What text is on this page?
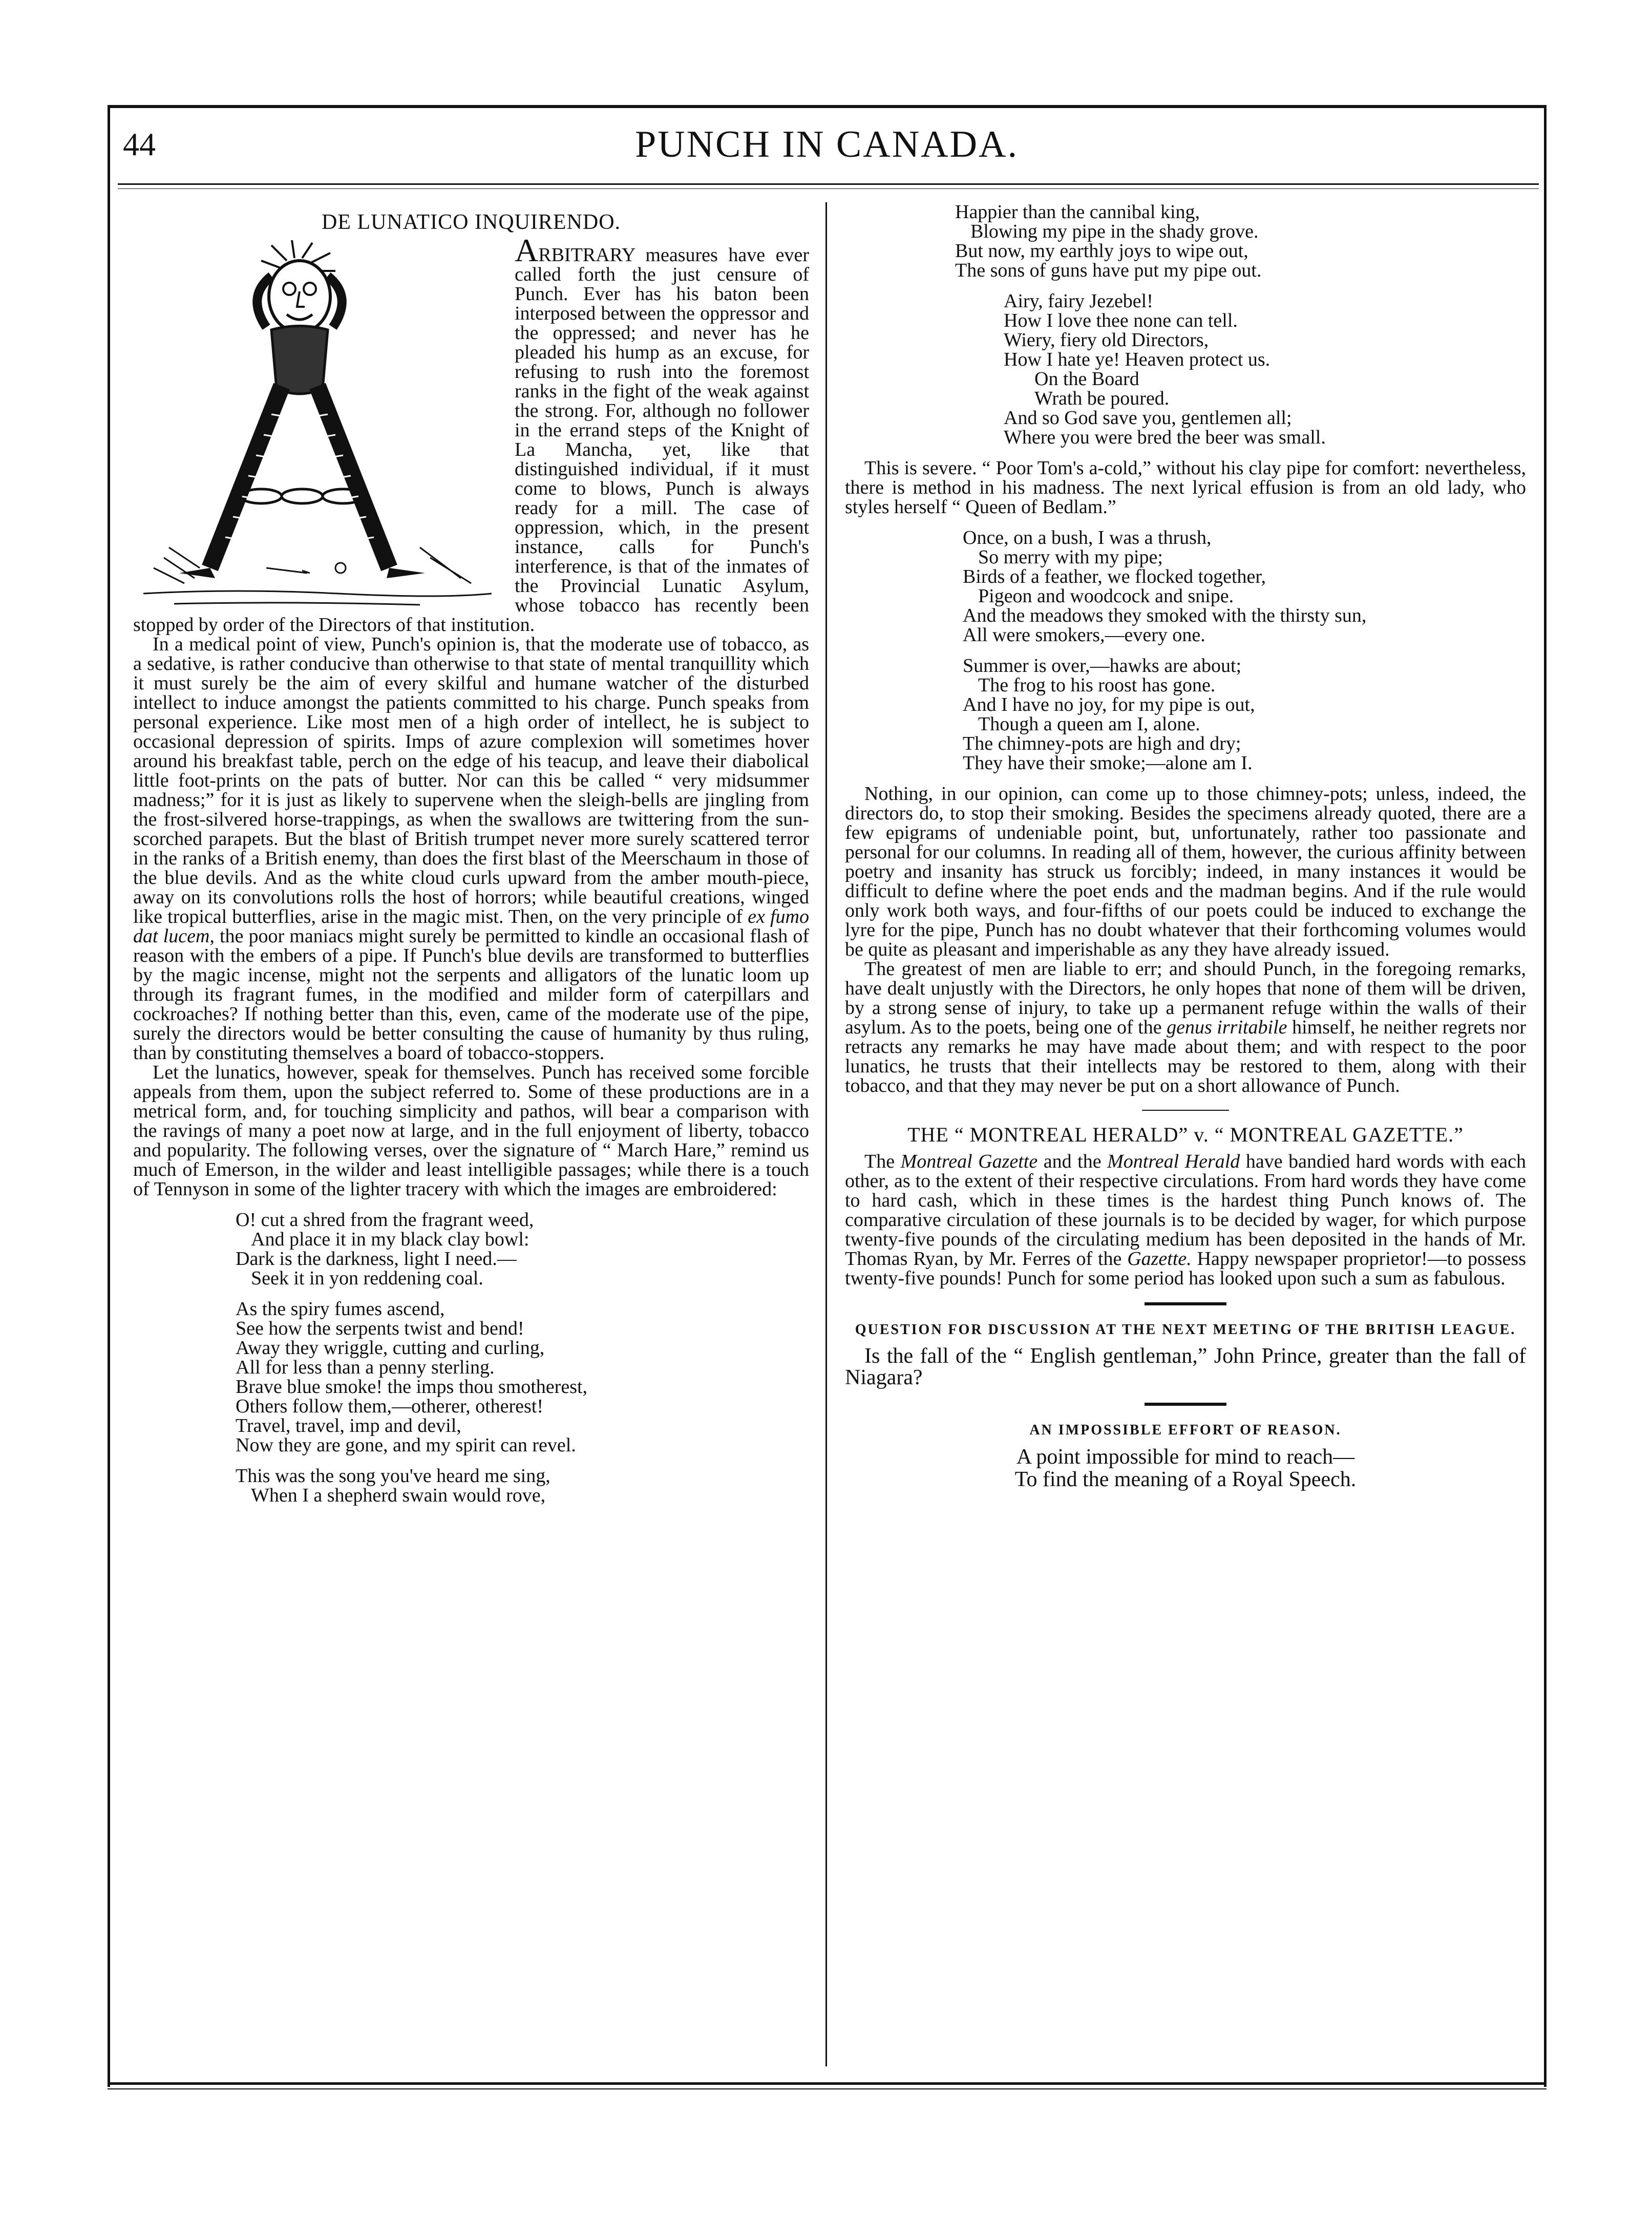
44	PUNCH IN CANADA.
DE LUNATICO INQUIRENDO.

ARBITRARY measures have ever called forth the just censure of Punch. Ever has his baton been interposed between the oppressor and the oppressed; and never has he pleaded his hump as an excuse, for refusing to rush into the foremost ranks in the fight of the weak against the strong. For, although no follower in the errand steps of the Knight of La Mancha, yet, like that distinguished individual, if it must come to blows, Punch is always ready for a mill. The case of oppression, which, in the present instance, calls for Punch's interference, is that of the inmates of the Provincial Lunatic Asylum, whose tobacco has recently been stopped by order of the Directors of that institution.

In a medical point of view, Punch's opinion is, that the moderate use of tobacco, as a sedative, is rather conducive than otherwise to that state of mental tranquillity which it must surely be the aim of every skilful and humane watcher of the disturbed intellect to induce amongst the patients committed to his charge. Punch speaks from personal experience. Like most men of a high order of intellect, he is subject to occasional depression of spirits. Imps of azure complexion will sometimes hover around his breakfast table, perch on the edge of his teacup, and leave their diabolical little foot-prints on the pats of butter. Nor can this be called “ very midsummer madness;” for it is just as likely to supervene when the sleigh-bells are jingling from the frost-silvered horse-trappings, as when the swallows are twittering from the sun-scorched parapets. But the blast of British trumpet never more surely scattered terror in the ranks of a British enemy, than does the first blast of the Meerschaum in those of the blue devils. And as the white cloud curls upward from the amber mouth-piece, away on its convolutions rolls the host of horrors; while beautiful creations, winged like tropical butterflies, arise in the magic mist. Then, on the very principle of ex fumo dat lucem, the poor maniacs might surely be permitted to kindle an occasional flash of reason with the embers of a pipe. If Punch's blue devils are transformed to butterflies by the magic incense, might not the serpents and alligators of the lunatic loom up through its fragrant fumes, in the modified and milder form of caterpillars and cockroaches? If nothing better than this, even, came of the moderate use of the pipe, surely the directors would be better consulting the cause of humanity by thus ruling, than by constituting themselves a board of tobacco-stoppers.

Let the lunatics, however, speak for themselves. Punch has received some forcible appeals from them, upon the subject referred to. Some of these productions are in a metrical form, and, for touching simplicity and pathos, will bear a comparison with the ravings of many a poet now at large, and in the full enjoyment of liberty, tobacco and popularity. The following verses, over the signature of “ March Hare,” remind us much of Emerson, in the wilder and least intelligible passages; while there is a touch of Tennyson in some of the lighter tracery with which the images are embroidered:

O! cut a shred from the fragrant weed,
And place it in my black clay bowl:
Dark is the darkness, light I need.—
Seek it in yon reddening coal.
As the spiry fumes ascend,
See how the serpents twist and bend!
Away they wriggle, cutting and curling,
All for less than a penny sterling.
Brave blue smoke! the imps thou smotherest,
Others follow them,—otherer, otherest!
Travel, travel, imp and devil,
Now they are gone, and my spirit can revel.
This was the song you've heard me sing,
When I a shepherd swain would rove,
Happier than the cannibal king,
Blowing my pipe in the shady grove.
But now, my earthly joys to wipe out,
The sons of guns have put my pipe out.
Airy, fairy Jezebel!
How I love thee none can tell.
Wiery, fiery old Directors,
How I hate ye! Heaven protect us.
On the Board
Wrath be poured.
And so God save you, gentlemen all;
Where you were bred the beer was small.

This is severe. “ Poor Tom's a-cold,” without his clay pipe for comfort: nevertheless, there is method in his madness. The next lyrical effusion is from an old lady, who styles herself “ Queen of Bedlam.”

Once, on a bush, I was a thrush,
So merry with my pipe;
Birds of a feather, we flocked together,
Pigeon and woodcock and snipe.
And the meadows they smoked with the thirsty sun,
All were smokers,—every one.
Summer is over,—hawks are about;
The frog to his roost has gone.
And I have no joy, for my pipe is out,
Though a queen am I, alone.
The chimney-pots are high and dry;
They have their smoke;—alone am I.

Nothing, in our opinion, can come up to those chimney-pots; unless, indeed, the directors do, to stop their smoking. Besides the specimens already quoted, there are a few epigrams of undeniable point, but, unfortunately, rather too passionate and personal for our columns. In reading all of them, however, the curious affinity between poetry and insanity has struck us forcibly; indeed, in many instances it would be difficult to define where the poet ends and the madman begins. And if the rule would only work both ways, and four-fifths of our poets could be induced to exchange the lyre for the pipe, Punch has no doubt whatever that their forthcoming volumes would be quite as pleasant and imperishable as any they have already issued.

The greatest of men are liable to err; and should Punch, in the foregoing remarks, have dealt unjustly with the Directors, he only hopes that none of them will be driven, by a strong sense of injury, to take up a permanent refuge within the walls of their asylum. As to the poets, being one of the genus irritabile himself, he neither regrets nor retracts any remarks he may have made about them; and with respect to the poor lunatics, he trusts that their intellects may be restored to them, along with their tobacco, and that they may never be put on a short allowance of Punch.

THE “ MONTREAL HERALD” v. “ MONTREAL GAZETTE.”

The Montreal Gazette and the Montreal Herald have bandied hard words with each other, as to the extent of their respective circulations. From hard words they have come to hard cash, which in these times is the hardest thing Punch knows of. The comparative circulation of these journals is to be decided by wager, for which purpose twenty-five pounds of the circulating medium has been deposited in the hands of Mr. Thomas Ryan, by Mr. Ferres of the Gazette. Happy newspaper proprietor!—to possess twenty-five pounds! Punch for some period has looked upon such a sum as fabulous.

QUESTION FOR DISCUSSION AT THE NEXT MEETING OF THE BRITISH LEAGUE.

Is the fall of the “ English gentleman,” John Prince, greater than the fall of Niagara?

AN IMPOSSIBLE EFFORT OF REASON.
A point impossible for mind to reach—
To find the meaning of a Royal Speech.
